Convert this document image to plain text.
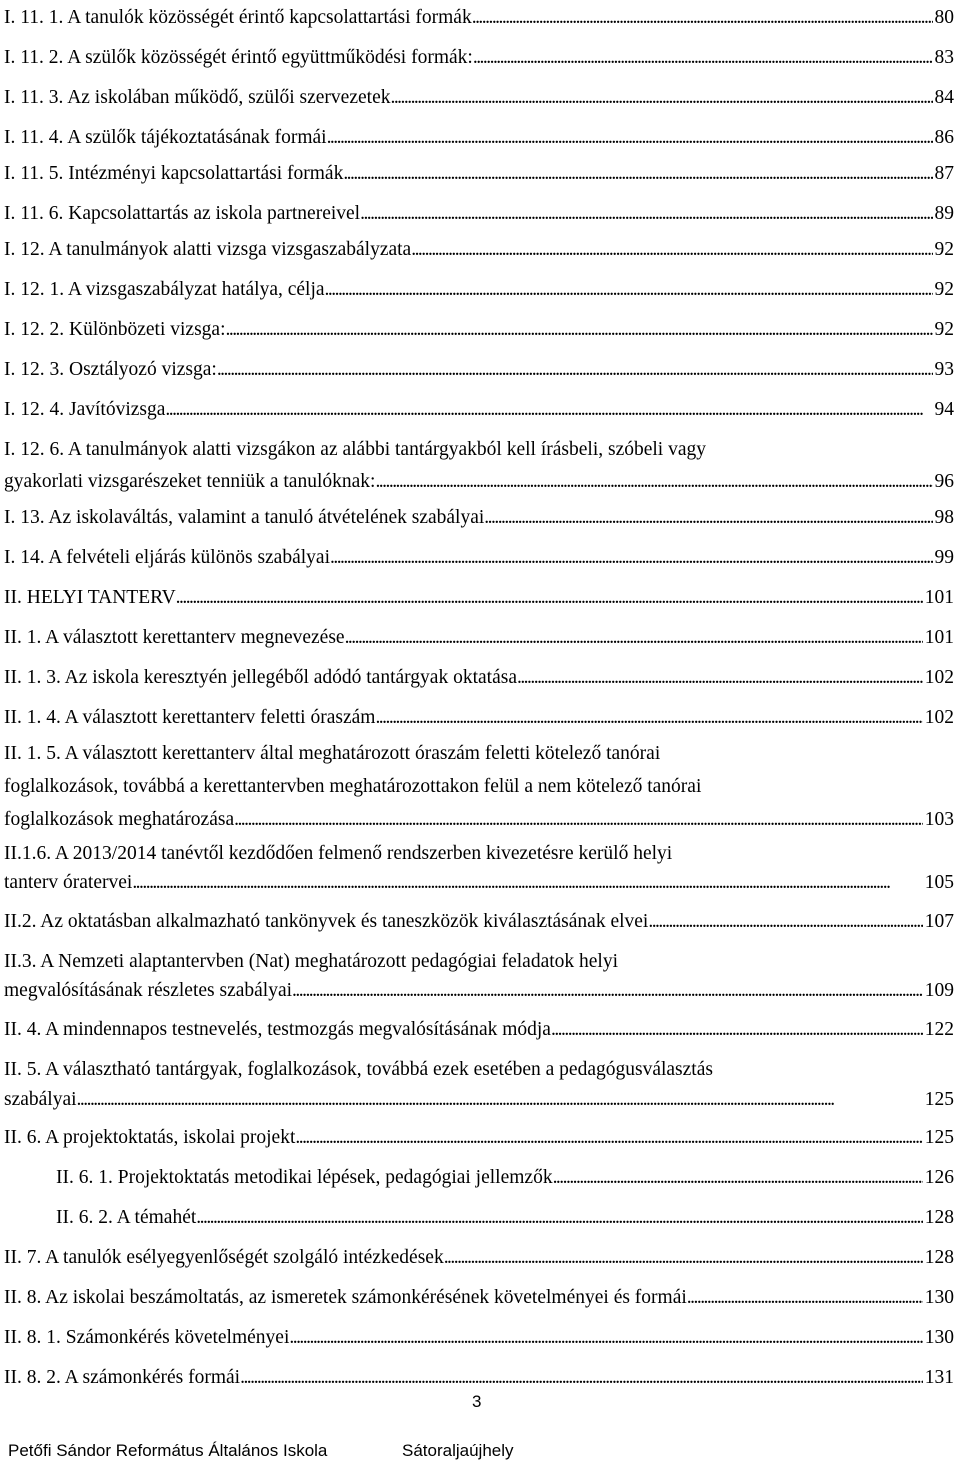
I. 11. 1. A tanulók közösségét érintő kapcsolattartási formák . . .	80
I. 11. 2. A szülők közösségét érintő együttműködési formák: . . .	83
I. 11. 3. Az iskolában működő, szülői szervezetek . . .	84
I. 11. 4. A szülők tájékoztatásának formái . . .	86
I. 11. 5. Intézményi kapcsolattartási formák . . .	87
I. 11. 6. Kapcsolattartás az iskola partnereivel . . .	89
I. 12. A tanulmányok alatti vizsga vizsgaszabályzata . . .	92
I. 12. 1. A vizsgaszabályzat hatálya, célja . . .	92
I. 12. 2. Különbözeti vizsga: . . .	92
I. 12. 3. Osztályozó vizsga: . . .	93
I. 12. 4. Javítóvizsga . . .	94
I. 12. 6. A tanulmányok alatti vizsgákon az alábbi tantárgyakból kell írásbeli, szóbeli vagy
gyakorlati vizsgarészeket tenniük a tanulóknak: . . .	96
I. 13. Az iskolaváltás, valamint a tanuló átvételének szabályai . . .	98
I. 14. A felvételi eljárás különös szabályai . . .	99
II. HELYI TANTERV . . .	101
II. 1. A választott kerettanterv megnevezése . . .	101
II. 1. 3. Az iskola keresztyén jellegéből adódó tantárgyak oktatása . . .	102
II. 1. 4. A választott kerettanterv feletti óraszám . . .	102
II. 1. 5. A választott kerettanterv által meghatározott óraszám feletti kötelező tanórai
foglalkozások, továbbá a kerettantervben meghatározottakon felül a nem kötelező tanórai
foglalkozások meghatározása . . .	103
II.1.6. A 2013/2014 tanévtől kezdődően felmenő rendszerben kivezetésre kerülő helyi
tanterv óratervei . . .	105
II.2. Az oktatásban alkalmazható tankönyvek és taneszközök kiválasztásának elvei . . .	107
II.3. A Nemzeti alaptantervben (Nat) meghatározott pedagógiai feladatok helyi
megvalósításának részletes szabályai . . .	109
II. 4. A mindennapos testnevelés, testmozgás megvalósításának módja . . .	122
II. 5. A választható tantárgyak, foglalkozások, továbbá ezek esetében a pedagógusválasztás
szabályai . . .	125
II. 6. A projektoktatás, iskolai projekt . . .	125
II. 6. 1. Projektoktatás metodikai lépések, pedagógiai jellemzők . . .	126
II. 6. 2. A témahét . . .	128
II. 7. A tanulók esélyegyenlőségét szolgáló intézkedések . . .	128
II. 8. Az iskolai beszámoltatás, az ismeretek számonkérésének követelményei és formái . . .	130
II. 8. 1. Számonkérés követelményei . . .	130
II. 8. 2. A számonkérés formái . . .	131
3
Petőfi Sándor Református Általános Iskola	Sátoraljaújhely
